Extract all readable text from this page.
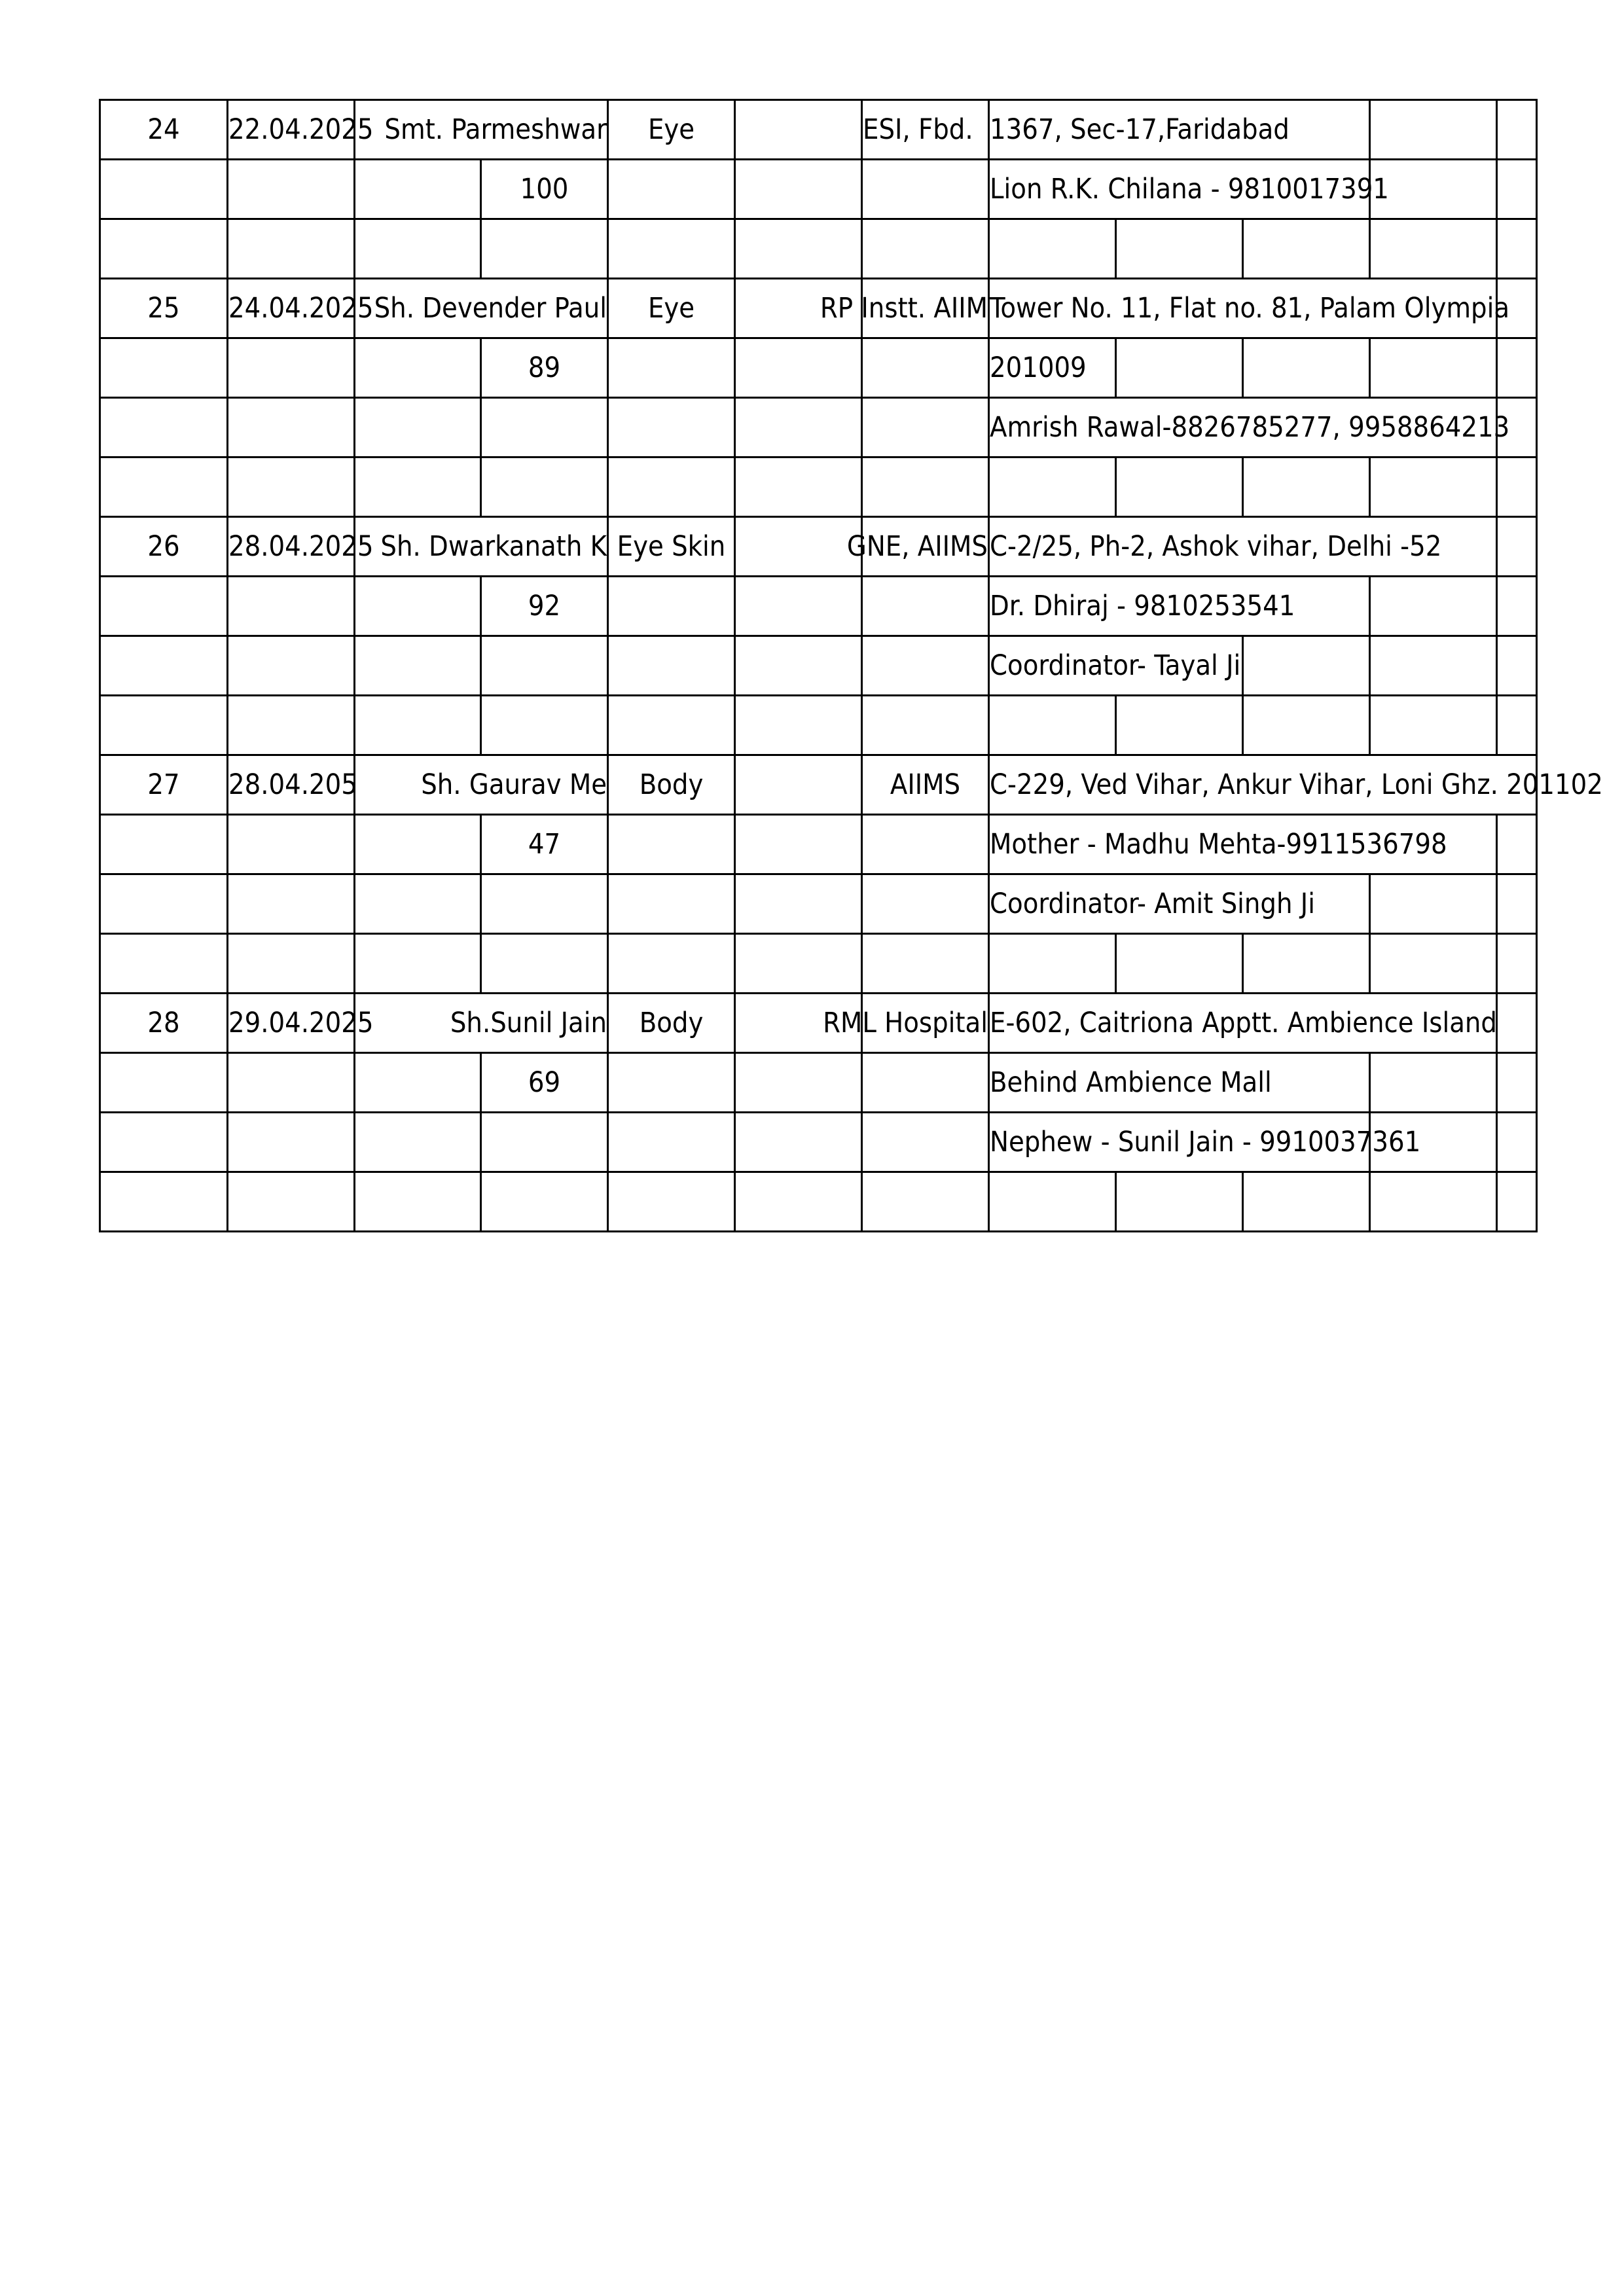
24	22.04.2025	Smt. Parmeshwar		Eye		ESI, Fbd.	1367, Sec-17,Faridabad				
			100				Lion R.K. Chilana - 9810017391				

25	24.04.2025	Sh. Devender Paul		Eye		RP Instt. AIIM	Tower No. 11, Flat no. 81, Palam Olympia				
			89				201009				
							Amrish Rawal-8826785277, 9958864213				

26	28.04.2025	Sh. Dwarkanath K		Eye Skin		GNE, AIIMS	C-2/25, Ph-2, Ashok vihar, Delhi -52				
			92				Dr. Dhiraj - 9810253541				
							Coordinator- Tayal Ji				

27	28.04.205	Sh. Gaurav Me		Body		AIIMS	C-229, Ved Vihar, Ankur Vihar, Loni Ghz. 201102				
			47				Mother - Madhu Mehta-9911536798				
							Coordinator- Amit Singh Ji				

28	29.04.2025	Sh.Sunil Jain		Body		RML Hospital	E-602, Caitriona Apptt. Ambience Island				
			69				Behind Ambience Mall				
							Nephew - Sunil Jain - 9910037361				
